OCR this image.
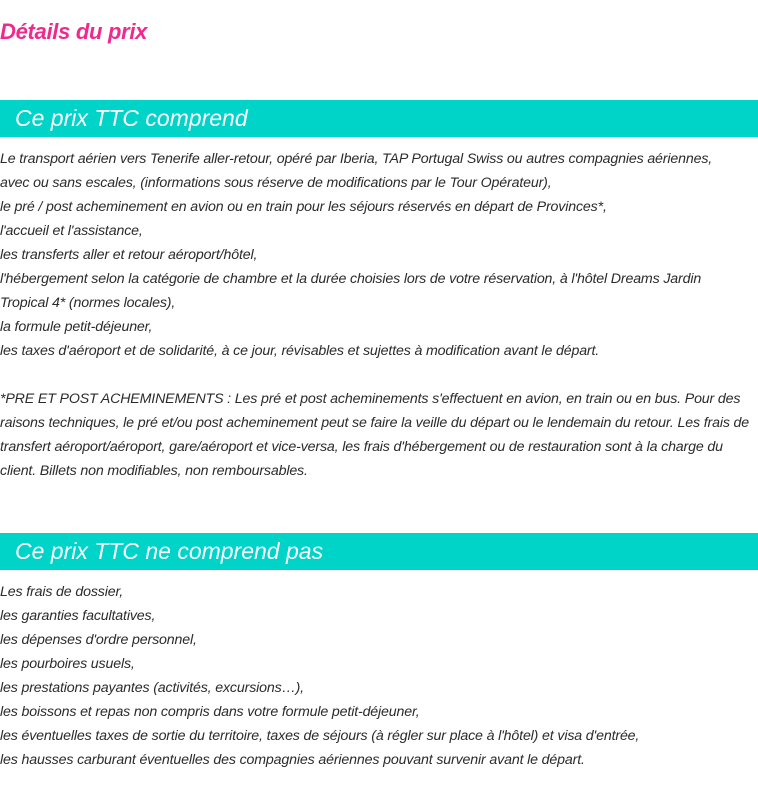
Détails du prix
Ce prix TTC comprend
Le transport aérien vers Tenerife aller-retour, opéré par Iberia, TAP Portugal Swiss ou autres compagnies aériennes,
avec ou sans escales, (informations sous réserve de modifications par le Tour Opérateur),
le pré / post acheminement en avion ou en train pour les séjours réservés en départ de Provinces*,
l'accueil et l'assistance,
les transferts aller et retour aéroport/hôtel,
l'hébergement selon la catégorie de chambre et la durée choisies lors de votre réservation, à l'hôtel Dreams Jardin
Tropical 4* (normes locales),
la formule petit-déjeuner,
les taxes d'aéroport et de solidarité, à ce jour, révisables et sujettes à modification avant le départ.
*PRE ET POST ACHEMINEMENTS : Les pré et post acheminements s'effectuent en avion, en train ou en bus. Pour des raisons techniques, le pré et/ou post acheminement peut se faire la veille du départ ou le lendemain du retour. Les frais de transfert aéroport/aéroport, gare/aéroport et vice-versa, les frais d'hébergement ou de restauration sont à la charge du client. Billets non modifiables, non remboursables.
Ce prix TTC ne comprend pas
Les frais de dossier,
les garanties facultatives,
les dépenses d'ordre personnel,
les pourboires usuels,
les prestations payantes (activités, excursions…),
les boissons et repas non compris dans votre formule petit-déjeuner,
les éventuelles taxes de sortie du territoire, taxes de séjours (à régler sur place à l'hôtel) et visa d'entrée,
les hausses carburant éventuelles des compagnies aériennes pouvant survenir avant le départ.
